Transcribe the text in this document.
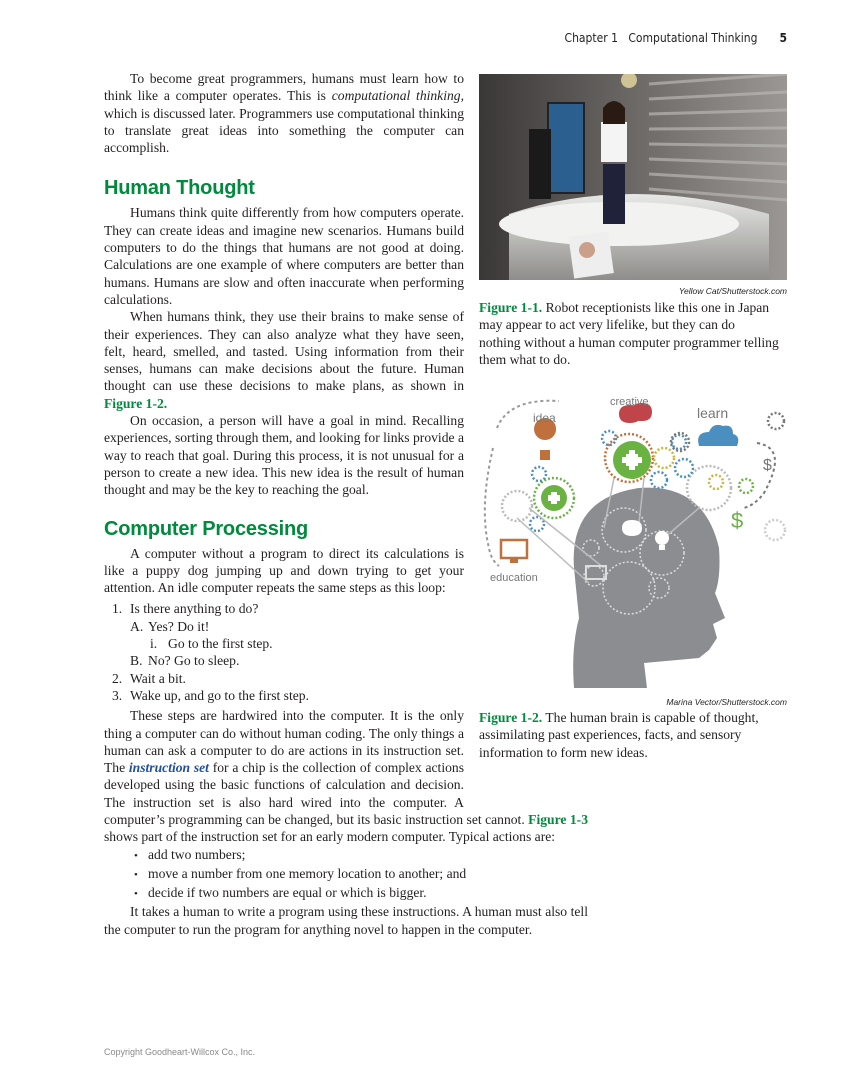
Chapter 1 Computational Thinking 5

To become great programmers, humans must learn how to think like a computer operates. This is computational thinking, which is discussed later. Programmers use computational thinking to translate great ideas into something the computer can accomplish.

Human Thought

Humans think quite differently from how computers operate. They can create ideas and imagine new scenarios. Humans build computers to do the things that humans are not good at doing. Calculations are one example of where computers are better than humans. Humans are slow and often inaccurate when performing calculations.

When humans think, they use their brains to make sense of their experiences. They can also analyze what they have seen, felt, heard, smelled, and tasted. Using information from their senses, humans can make decisions about the future. Human thought can use these decisions to make plans, as shown in Figure 1-2.

On occasion, a person will have a goal in mind. Recalling experiences, sorting through them, and looking for links provide a way to reach that goal. During this process, it is not unusual for a person to create a new idea. This new idea is the result of human thought and may be the key to reaching the goal.

Computer Processing

A computer without a program to direct its calculations is like a puppy dog jumping up and down trying to get your attention. An idle computer repeats the same steps as this loop:

1. Is there anything to do?
A. Yes? Do it!
i. Go to the first step.
B. No? Go to sleep.
2. Wait a bit.
3. Wake up, and go to the first step.

These steps are hardwired into the computer. It is the only thing a computer can do without human coding. The only things a human can ask a computer to do are actions in its instruction set. The instruction set for a chip is the collection of complex actions developed using the basic functions of calculation and decision. The instruction set is also hard wired into the computer. A computer’s programming can be changed, but its basic instruction set cannot. Figure 1-3 shows part of the instruction set for an early modern computer. Typical actions are:

• add two numbers;
• move a number from one memory location to another; and
• decide if two numbers are equal or which is bigger.

It takes a human to write a program using these instructions. A human must also tell the computer to run the program for anything novel to happen in the computer.

Yellow Cat/Shutterstock.com
Figure 1-1. Robot receptionists like this one in Japan may appear to act very lifelike, but they can do nothing without a human computer programmer telling them what to do.
idea
creative
learn
education
$
$
Marina Vector/Shutterstock.com
Figure 1-2. The human brain is capable of thought, assimilating past experiences, facts, and sensory information to form new ideas.
Copyright Goodheart-Willcox Co., Inc.
